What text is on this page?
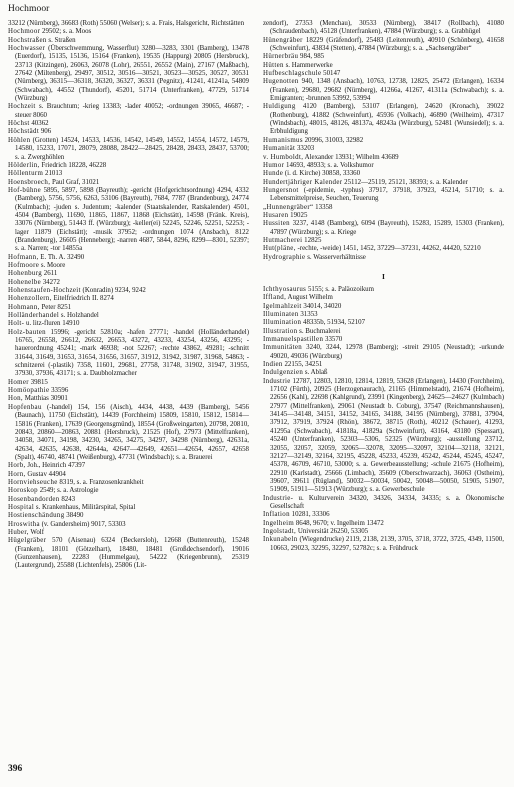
Hochmoor

33212 (Nürnberg), 36683 (Roth) 55060 (Welser); s. a. Frais, Halsgericht, Richtstätten

Hochmoor 29502; s. a. Moos

Hochstraßen s. Straßen

Hochwasser (Überschwemmung, Wasserflut) 3280—3283, 3301 (Bamberg), 13478 (Euerdorf), 15135, 15136, 15164 (Franken), 19535 (Happurg) 20805 (Hersbruck), 23713 (Kitzingen), 26063, 26078 (Lohr), 26551, 26552 (Main), 27167 (Maßbach), 27642 (Miltenberg), 29497, 30512, 30516—30521, 30523—30525, 30527, 30531 (Nürnberg), 36315—36318, 36320, 36327, 36331 (Pegnitz), 41241, 41241a, 54809 (Schwabach), 44552 (Thundorf), 45201, 51714 (Unterfranken), 47729, 51714 (Würzburg)

Hochzeit s. Brauchtum; -krieg 13383; -lader 40052; -ordnungen 39065, 46687; -steuer 8060

Höchst 40362

Höchstädt 906

Höhlen (Grotten) 14524, 14533, 14536, 14542, 14549, 14552, 14554, 14572, 14579, 14580, 15233, 17071, 28079, 28088, 28422—28425, 28428, 28433, 28437, 53700; s. a. Zwerghöhlen

Hölderlin, Friedrich 18228, 46228

Höllenturm 21013

Hoensbroech, Paul Graf, 31021

Hof-bühne 5895, 5897, 5898 (Bayreuth); -gericht (Hofgerichtsordnung) 4294, 4332 (Bamberg), 5756, 5756, 6263, 53106 (Bayreuth), 7684, 7787 (Brandenburg), 24774 (Kulmbach); -juden s. Judentum; -kalender (Staatskalender, Ratskalender) 4501, 4504 (Bamberg), 11690, 11865, 11867, 11868 (Eichstätt), 14598 (Fränk. Kreis), 33076 (Nürnberg), 51443 ff. (Würzburg); -keller(ei) 52245, 52246, 52251, 52253; -lager 11879 (Eichstätt); -musik 37952; -ordnungen 1074 (Ansbach), 8122 (Brandenburg), 26605 (Henneberg); -narren 4687, 5844, 8296, 8299—8301, 52397; s. a. Narren; -tor 14855a

Hofmann, E. Th. A. 32490

Hofmoore s. Moore

Hohenburg 2611

Hohenelbe 34272

Hohenstaufen-Hochzeit (Konradin) 9234, 9242

Hohenzollern, Eitelfriedrich II. 8274

Hohmann, Peter 8251

Holländerhandel s. Holzhandel

Holt- u. litz-fluren 14910

Holz-bauten 15996; -gericht 52810a; -hafen 27771; -handel (Holländerhandel) 16765, 26558, 26612, 26632, 26653, 43272, 43233, 43254, 43256, 43295; -hauerordnung 45241; -mark 46938; -not 52267; -rechte 43862, 49281; -schnitt 31644, 31649, 31653, 31654, 31656, 31657, 31912, 31942, 31987, 31968, 54863; -schnitzerei (-plastik) 7358, 11601, 29681, 27758, 31748, 31902, 31947, 31955, 37930, 37936, 43171; s. a. Daubholzmacher

Homer 39815

Homöopathie 33596

Hon, Matthias 30901

Hopfenbau (-handel) 154, 156 (Aisch), 4434, 4438, 4439 (Bamberg), 5456 (Baunach), 11750 (Eichstätt), 14439 (Forchheim) 15809, 15810, 15812, 15814—15816 (Franken), 17639 (Georgensgmünd), 18554 (Großweingarten), 20798, 20810, 20843, 20860—20863, 20881 (Hersbruck), 21525 (Hof), 27973 (Mittelfranken), 34058, 34071, 34198, 34230, 34265, 34275, 34297, 34298 (Nürnberg), 42631a, 42634, 42635, 42638, 42644a, 42647—42649, 42651—42654, 42657, 42658 (Spalt), 46740, 48741 (Weißenburg), 47731 (Windsbach); s. a. Brauerei

Horb, Joh., Heinrich 47397

Horn, Gustav 44904

Hornviehseuche 8319, s. a. Franzosenkrankheit

Horoskop 2549; s. a. Astrologie

Hosenbandorden 8243

Hospital s. Krankenhaus, Militärspital, Spital

Hostienschändung 38490

Hroswitha (v. Gandersheim) 9017, 53303

Huber, Wolf

Hügelgräber 570 (Aisenau) 6324 (Beckersloh), 12668 (Buttenreuth), 15248 (Franken), 18101 (Götzelhart), 18480, 18481 (Großdechsendorf), 19016 (Gunzenhausen), 22283 (Hummelgau), 54222 (Kriegenbrunn), 25319 (Lautergrund), 25588 (Lichtenfels), 25806 (Lit-

zendorf), 27353 (Menchau), 30533 (Nürnberg), 38417 (Rollbach), 41080 (Schraudenbach), 45128 (Unterfranken), 47884 (Würzburg); s. a. Grabhügel

Hünengräber 18229 (Gräfendorf), 25483 (Leitenreuth), 40910 (Schönberg), 41658 (Schweinfurt), 43834 (Stetten), 47884 (Würzburg); s. a. „Sachsengräber“

Hürnerbräu 984, 985

Hütten s. Hammerwerke

Hufbeschlagschule 50147

Hugenotten 940, 1348 (Ansbach), 10763, 12738, 12825, 25472 (Erlangen), 16334 (Franken), 29680, 29682 (Nürnberg), 41266a, 41267, 41311a (Schwabach); s. a. Emigranten; -brunnen 53992, 53994

Huldigung 4120 (Bamberg), 53107 (Erlangen), 24620 (Kronach), 39022 (Rothenburg), 41882 (Schweinfurt), 45936 (Volkach), 46890 (Weilheim), 47317 (Windsbach), 48015, 48126, 48137a, 48243a (Würzburg), 52481 (Wunsiedel); s. a. Erbhuldigung

Humanismus 20996, 31003, 32982

Humanität 33203

v. Humboldt, Alexander 13931; Wilhelm 43689

Humor 14693, 48933; s. a. Volkshumor

Hunde (i. d. Kirche) 30858, 33360

Hundertjähriger Kalender 25112—25119, 25121, 38393; s. a. Kalender

Hungersnot (-epidemie, -typhus) 37917, 37918, 37923, 45214, 51710; s. a. Lebensmittelpreise, Seuchen, Teuerung

„Hunnengräber“ 13358

Husaren 19025

Hussiten 3237, 4148 (Bamberg), 6094 (Bayreuth), 15283, 15289, 15303 (Franken), 47897 (Würzburg); s. a. Kriege

Hutmacherei 12825

Hut(pläne, -rechte, -weide) 1451, 1452, 37229—37231, 44262, 44420, 52210

Hydrographie s. Wasserverhältnisse

I

Ichthyosaurus 5155; s. a. Paläozoikum

Iffland, August Wilhelm

Igelmahlzeit 34014, 34020

Illuminaten 31353

Illumination 48335b, 51934, 52107

Illustration s. Buchmalerei

Immanuelspastillen 33570

Immunitäten 3240, 3244, 12978 (Bamberg); -streit 29105 (Neustadt); -urkunde 49020, 49036 (Würzburg)

Indien 22155, 34251

Indulgenzien s. Ablaß

Industrie 12787, 12803, 12810, 12814, 12819, 53628 (Erlangen), 14430 (Forchheim), 17102 (Fürth), 20925 (Herzogenaurach), 21165 (Himmelstadt), 21674 (Hofheim), 22656 (Kahl), 22698 (Kahlgrund), 23991 (Kingenberg), 24625—24627 (Kulmbach) 27977 (Mittelfranken), 29061 (Neustadt b. Coburg), 37547 (Reichmannshausen), 34145—34148, 34151, 34152, 34165, 34188, 34195 (Nürnberg), 37881, 37904, 37912, 37919, 37924 (Rhön), 38672, 38715 (Roth), 40212 (Schauer), 41293, 41295a (Schwabach), 41818a, 41829a (Schweinfurt), 43164, 43180 (Spessart), 45240 (Unterfranken), 52303—5306, 52325 (Würzburg); -ausstellung 23712, 32055, 32057, 32059, 32065—32078, 32095—32097, 32104—32118, 32121, 32127—32149, 32164, 32195, 45228, 45233, 45239, 45242, 45244, 45245, 45247, 45378, 46709, 46710, 53000; s. a. Gewerbeausstellung; -schule 21675 (Hofheim), 22910 (Karlstadt), 25666 (Limbach), 35609 (Oberschwarzach), 36063 (Ostheim), 39607, 39611 (Rügland), 50032—50034, 50042, 50048—50050, 51905, 51907, 51909, 51911—51913 (Würzburg); s. a. Gewerbeschule

Industrie- u. Kulturverein 34320, 34326, 34334, 34335; s. a. Ökonomische Gesellschaft

Inflation 10281, 33306

Ingelheim 8648, 9670; v. Ingelheim 13472

Ingolstadt, Universität 26250, 53305

Inkunabeln (Wiegendrucke) 2119, 2138, 2139, 3705, 3718, 3722, 3725, 4349, 11500, 10663, 29023, 32295, 32297, 52782c; s. a. Frühdruck

396
